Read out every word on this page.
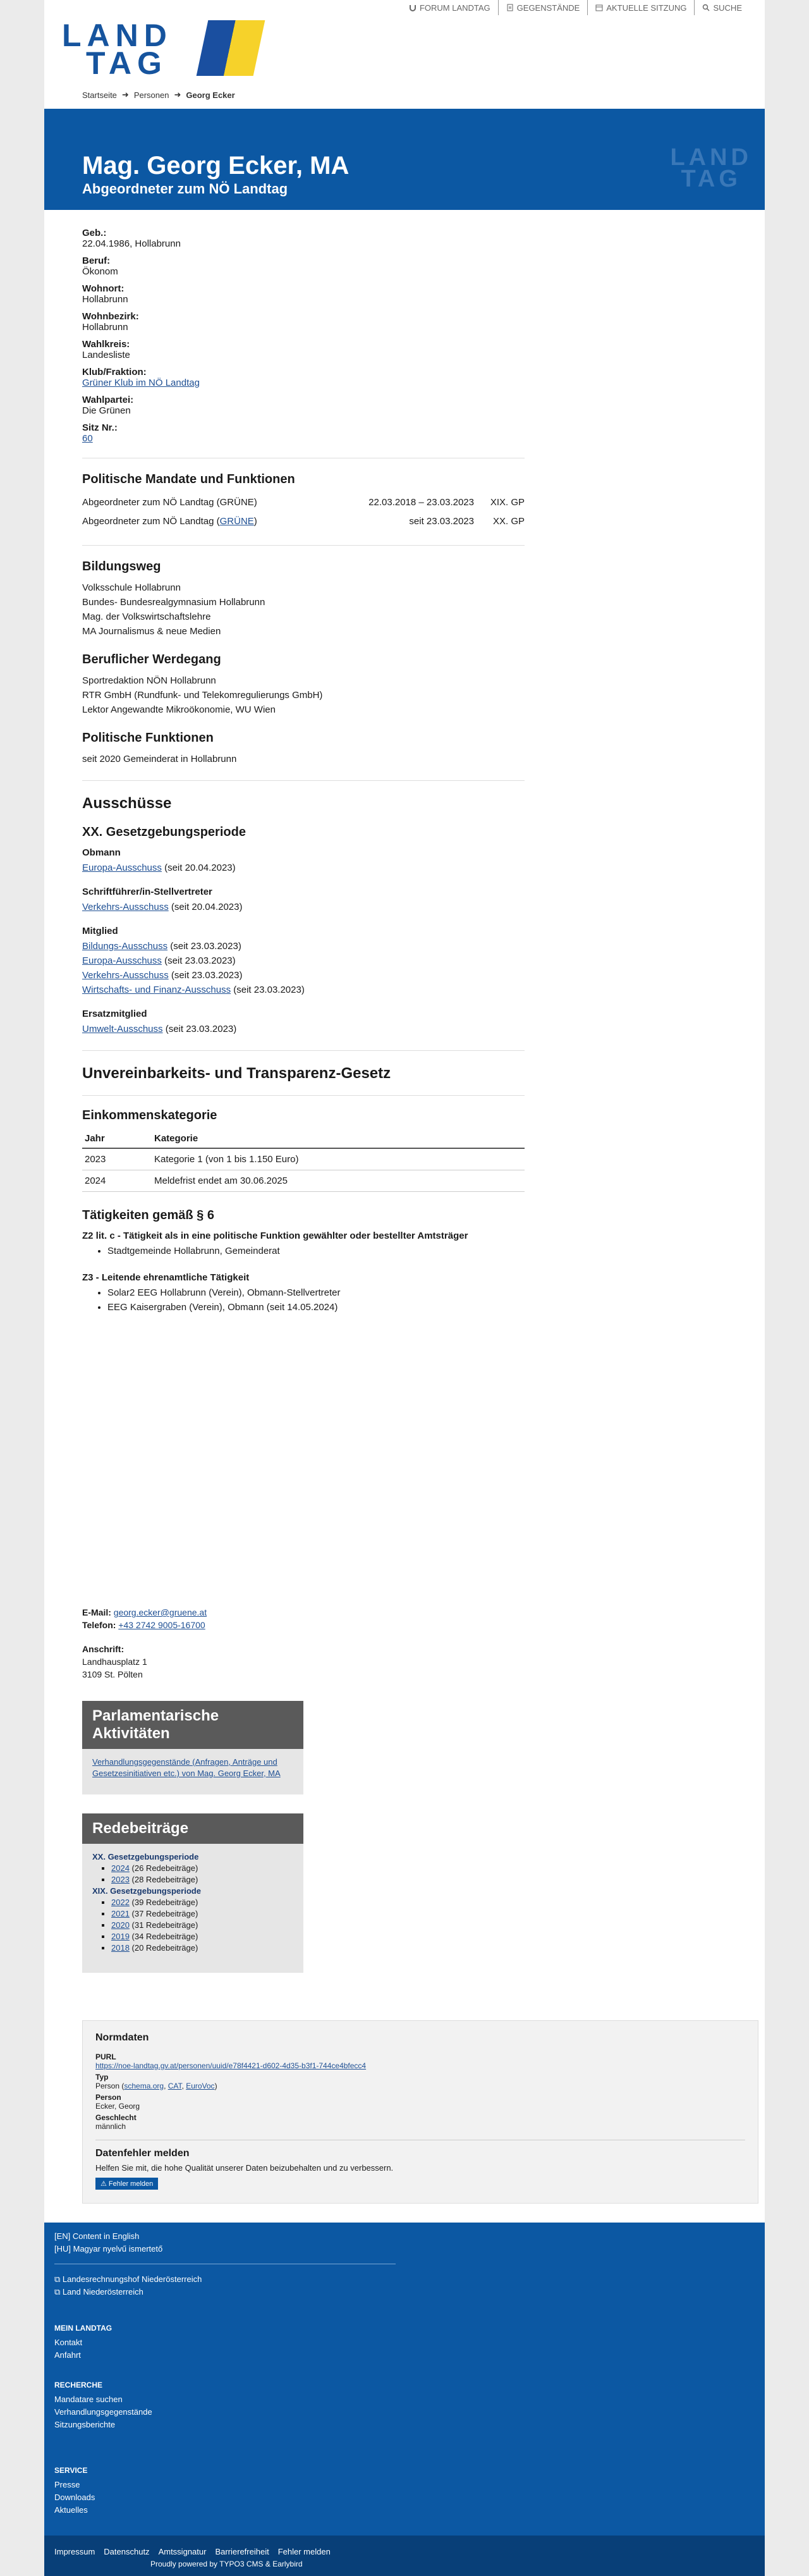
LAND
TAG
FORUM LANDTAG	GEGENSTÄNDE	AKTUELLE SITZUNG	SUCHE
Startseite ➜ Personen ➜ Georg Ecker
Mag. Georg Ecker, MA
Abgeordneter zum NÖ Landtag
LAND
TAG
Geb.:
22.04.1986, Hollabrunn
Beruf:
Ökonom
Wohnort:
Hollabrunn
Wohnbezirk:
Hollabrunn
Wahlkreis:
Landesliste
Klub/Fraktion:
Grüner Klub im NÖ Landtag
Wahlpartei:
Die Grünen
Sitz Nr.:
60
Politische Mandate und Funktionen
Abgeordneter zum NÖ Landtag (GRÜNE)	22.03.2018 – 23.03.2023	XIX. GP
Abgeordneter zum NÖ Landtag (GRÜNE)	seit 23.03.2023	XX. GP
Bildungsweg
Volksschule Hollabrunn
Bundes- Bundesrealgymnasium Hollabrunn
Mag. der Volkswirtschaftslehre
MA Journalismus & neue Medien
Beruflicher Werdegang
Sportredaktion NÖN Hollabrunn
RTR GmbH (Rundfunk- und Telekomregulierungs GmbH)
Lektor Angewandte Mikroökonomie, WU Wien
Politische Funktionen
seit 2020 Gemeinderat in Hollabrunn
Ausschüsse
XX. Gesetzgebungsperiode
Obmann
Europa-Ausschuss (seit 20.04.2023)
Schriftführer/in-Stellvertreter
Verkehrs-Ausschuss (seit 20.04.2023)
Mitglied
Bildungs-Ausschuss (seit 23.03.2023)
Europa-Ausschuss (seit 23.03.2023)
Verkehrs-Ausschuss (seit 23.03.2023)
Wirtschafts- und Finanz-Ausschuss (seit 23.03.2023)
Ersatzmitglied
Umwelt-Ausschuss (seit 23.03.2023)
Unvereinbarkeits- und Transparenz-Gesetz
Einkommenskategorie
Jahr	Kategorie
2023	Kategorie 1 (von 1 bis 1.150 Euro)
2024	Meldefrist endet am 30.06.2025
Tätigkeiten gemäß § 6
Z2 lit. c - Tätigkeit als in eine politische Funktion gewählter oder bestellter Amtsträger
• Stadtgemeinde Hollabrunn, Gemeinderat
Z3 - Leitende ehrenamtliche Tätigkeit
• Solar2 EEG Hollabrunn (Verein), Obmann-Stellvertreter
• EEG Kaisergraben (Verein), Obmann (seit 14.05.2024)
E-Mail: georg.ecker@gruene.at
Telefon: +43 2742 9005-16700
Anschrift:
Landhausplatz 1
3109 St. Pölten
Parlamentarische Aktivitäten
Verhandlungsgegenstände (Anfragen, Anträge und Gesetzesinitiativen etc.) von Mag. Georg Ecker, MA
Redebeiträge
XX. Gesetzgebungsperiode
▪ 2024 (26 Redebeiträge)
▪ 2023 (28 Redebeiträge)
XIX. Gesetzgebungsperiode
▪ 2022 (39 Redebeiträge)
▪ 2021 (37 Redebeiträge)
▪ 2020 (31 Redebeiträge)
▪ 2019 (34 Redebeiträge)
▪ 2018 (20 Redebeiträge)
Normdaten
PURL
https://noe-landtag.gv.at/personen/uuid/e78f4421-d602-4d35-b3f1-744ce4bfecc4
Typ
Person (schema.org, CAT, EuroVoc)
Person
Ecker, Georg
Geschlecht
männlich
Datenfehler melden
Helfen Sie mit, die hohe Qualität unserer Daten beizubehalten und zu verbessern.
⚠ Fehler melden
[EN] Content in English
[HU] Magyar nyelvű ismertető
⧉ Landesrechnungshof Niederösterreich
⧉ Land Niederösterreich
MEIN LANDTAG
Kontakt
Anfahrt
RECHERCHE
Mandatare suchen
Verhandlungsgegenstände
Sitzungsberichte
SERVICE
Presse
Downloads
Aktuelles
Impressum Datenschutz Amtssignatur Barrierefreiheit Fehler melden
Proudly powered by TYPO3 CMS & Earlybird
